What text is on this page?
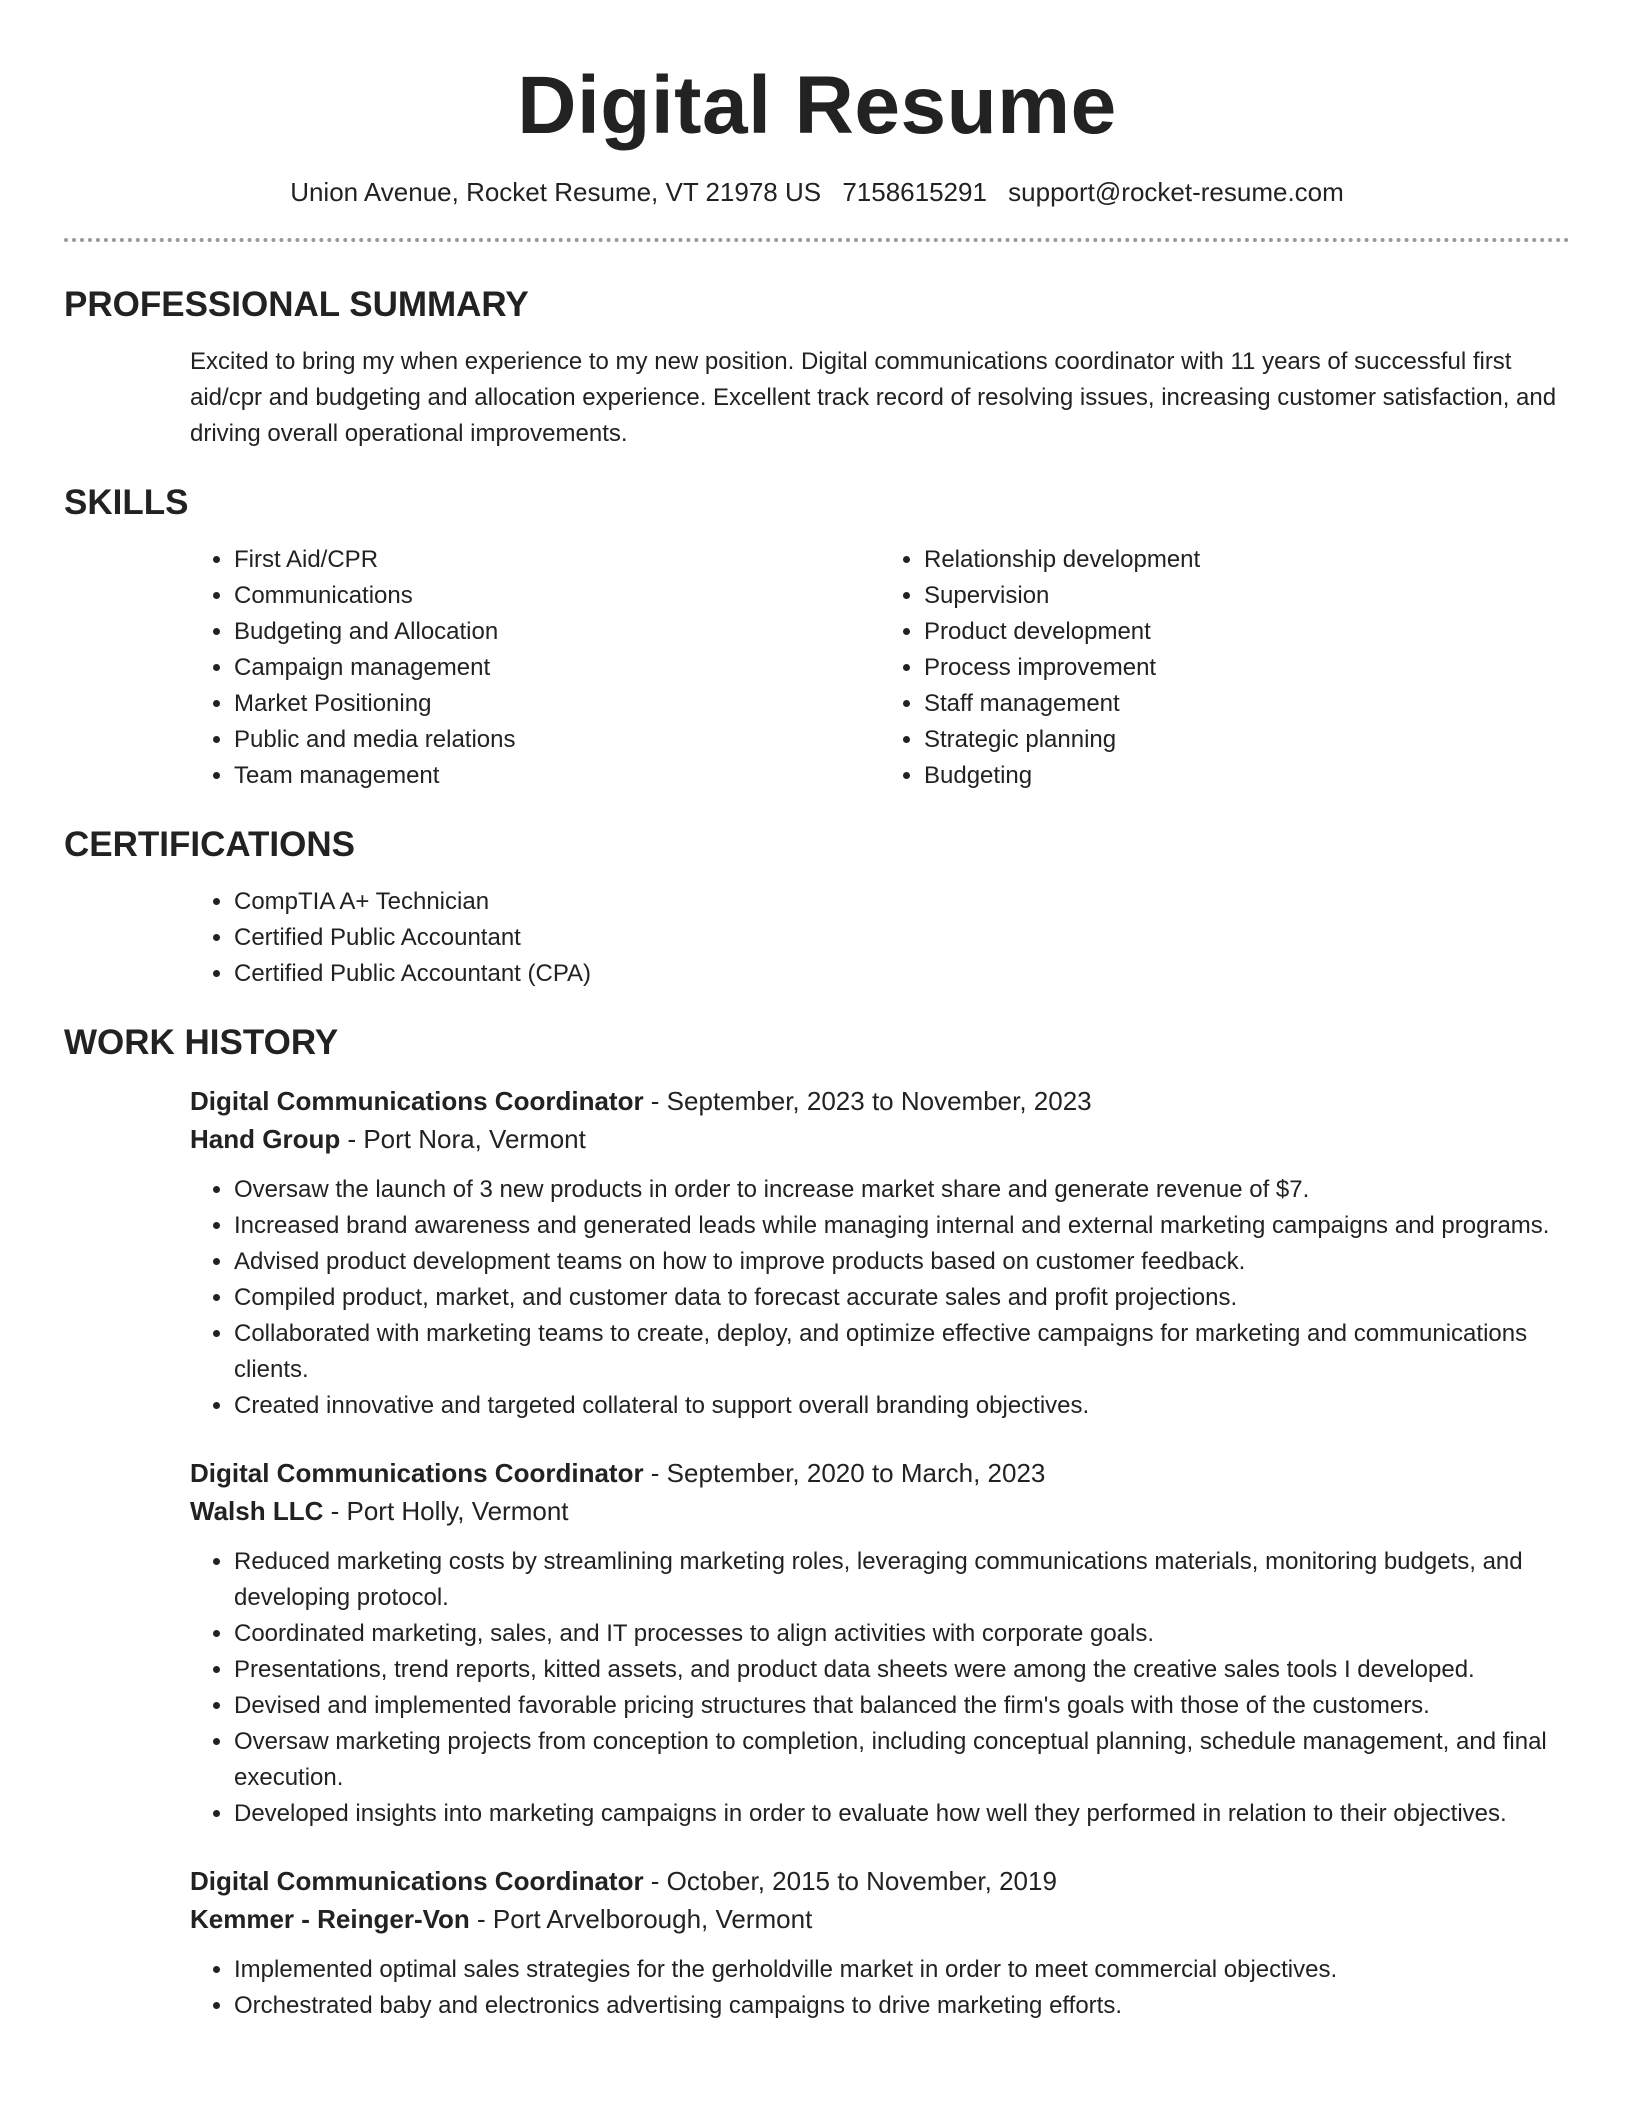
Digital Resume
Union Avenue, Rocket Resume, VT 21978 US 7158615291 support@rocket-resume.com
PROFESSIONAL SUMMARY
Excited to bring my when experience to my new position. Digital communications coordinator with 11 years of successful first aid/cpr and budgeting and allocation experience. Excellent track record of resolving issues, increasing customer satisfaction, and driving overall operational improvements.
SKILLS
• First Aid/CPR
• Communications
• Budgeting and Allocation
• Campaign management
• Market Positioning
• Public and media relations
• Team management
• Relationship development
• Supervision
• Product development
• Process improvement
• Staff management
• Strategic planning
• Budgeting
CERTIFICATIONS
• CompTIA A+ Technician
• Certified Public Accountant
• Certified Public Accountant (CPA)
WORK HISTORY
Digital Communications Coordinator - September, 2023 to November, 2023
Hand Group - Port Nora, Vermont
• Oversaw the launch of 3 new products in order to increase market share and generate revenue of $7.
• Increased brand awareness and generated leads while managing internal and external marketing campaigns and programs.
• Advised product development teams on how to improve products based on customer feedback.
• Compiled product, market, and customer data to forecast accurate sales and profit projections.
• Collaborated with marketing teams to create, deploy, and optimize effective campaigns for marketing and communications clients.
• Created innovative and targeted collateral to support overall branding objectives.
Digital Communications Coordinator - September, 2020 to March, 2023
Walsh LLC - Port Holly, Vermont
• Reduced marketing costs by streamlining marketing roles, leveraging communications materials, monitoring budgets, and developing protocol.
• Coordinated marketing, sales, and IT processes to align activities with corporate goals.
• Presentations, trend reports, kitted assets, and product data sheets were among the creative sales tools I developed.
• Devised and implemented favorable pricing structures that balanced the firm's goals with those of the customers.
• Oversaw marketing projects from conception to completion, including conceptual planning, schedule management, and final execution.
• Developed insights into marketing campaigns in order to evaluate how well they performed in relation to their objectives.
Digital Communications Coordinator - October, 2015 to November, 2019
Kemmer - Reinger-Von - Port Arvelborough, Vermont
• Implemented optimal sales strategies for the gerholdville market in order to meet commercial objectives.
• Orchestrated baby and electronics advertising campaigns to drive marketing efforts.
